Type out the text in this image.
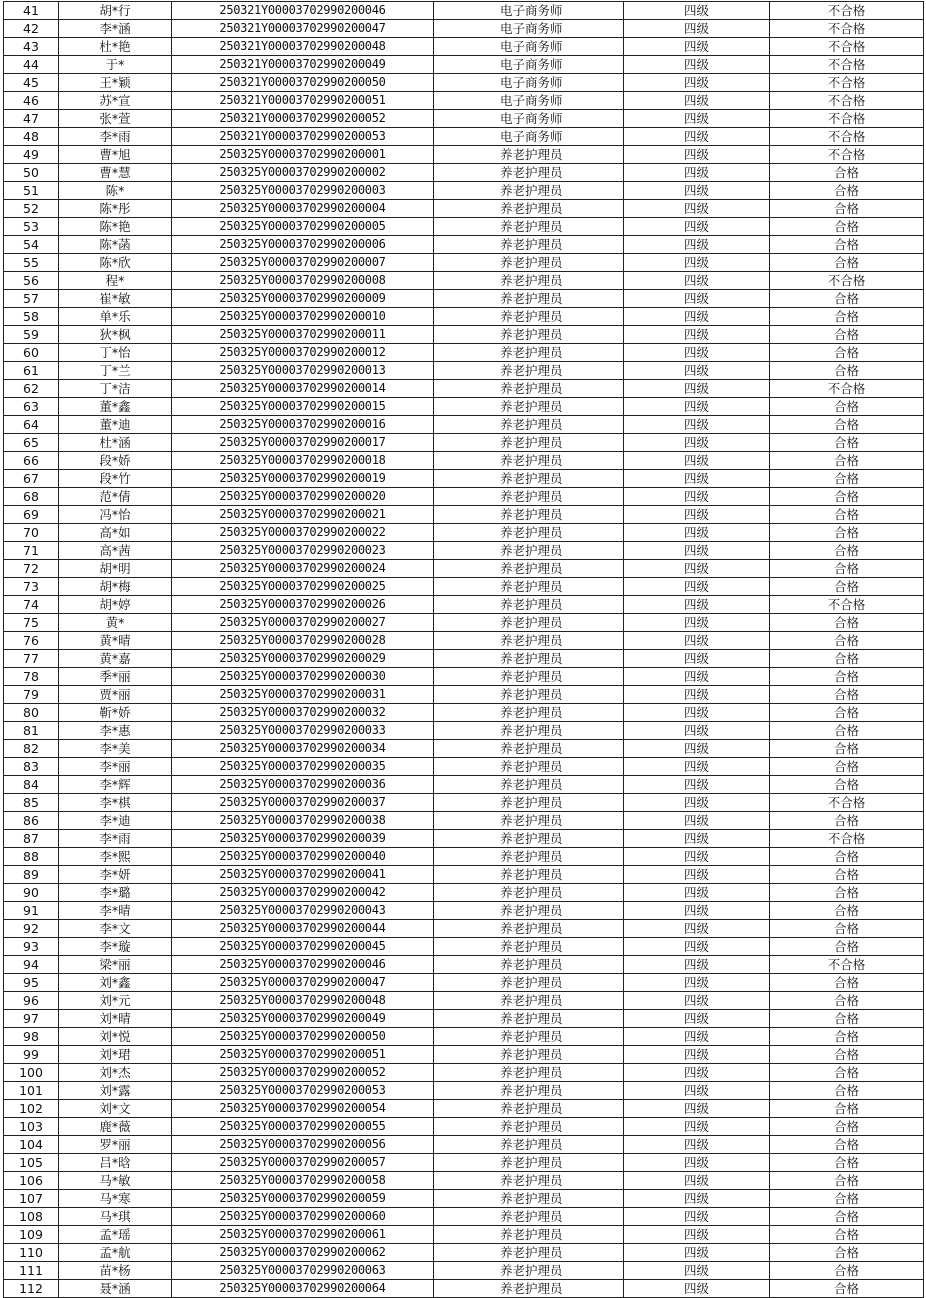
41	胡*行	250321Y00003702990200046	电子商务师	四级	不合格
42	李*涵	250321Y00003702990200047	电子商务师	四级	不合格
43	杜*艳	250321Y00003702990200048	电子商务师	四级	不合格
44	于*	250321Y00003702990200049	电子商务师	四级	不合格
45	王*颖	250321Y00003702990200050	电子商务师	四级	不合格
46	苏*宣	250321Y00003702990200051	电子商务师	四级	不合格
47	张*萱	250321Y00003702990200052	电子商务师	四级	不合格
48	李*雨	250321Y00003702990200053	电子商务师	四级	不合格
49	曹*旭	250325Y00003702990200001	养老护理员	四级	不合格
50	曹*慧	250325Y00003702990200002	养老护理员	四级	合格
51	陈*	250325Y00003702990200003	养老护理员	四级	合格
52	陈*彤	250325Y00003702990200004	养老护理员	四级	合格
53	陈*艳	250325Y00003702990200005	养老护理员	四级	合格
54	陈*菡	250325Y00003702990200006	养老护理员	四级	合格
55	陈*欣	250325Y00003702990200007	养老护理员	四级	合格
56	程*	250325Y00003702990200008	养老护理员	四级	不合格
57	崔*敏	250325Y00003702990200009	养老护理员	四级	合格
58	单*乐	250325Y00003702990200010	养老护理员	四级	合格
59	狄*枫	250325Y00003702990200011	养老护理员	四级	合格
60	丁*怡	250325Y00003702990200012	养老护理员	四级	合格
61	丁*兰	250325Y00003702990200013	养老护理员	四级	合格
62	丁*洁	250325Y00003702990200014	养老护理员	四级	不合格
63	董*鑫	250325Y00003702990200015	养老护理员	四级	合格
64	董*迪	250325Y00003702990200016	养老护理员	四级	合格
65	杜*涵	250325Y00003702990200017	养老护理员	四级	合格
66	段*娇	250325Y00003702990200018	养老护理员	四级	合格
67	段*竹	250325Y00003702990200019	养老护理员	四级	合格
68	范*倩	250325Y00003702990200020	养老护理员	四级	合格
69	冯*怡	250325Y00003702990200021	养老护理员	四级	合格
70	高*如	250325Y00003702990200022	养老护理员	四级	合格
71	高*茜	250325Y00003702990200023	养老护理员	四级	合格
72	胡*明	250325Y00003702990200024	养老护理员	四级	合格
73	胡*梅	250325Y00003702990200025	养老护理员	四级	合格
74	胡*婷	250325Y00003702990200026	养老护理员	四级	不合格
75	黄*	250325Y00003702990200027	养老护理员	四级	合格
76	黄*晴	250325Y00003702990200028	养老护理员	四级	合格
77	黄*嘉	250325Y00003702990200029	养老护理员	四级	合格
78	季*丽	250325Y00003702990200030	养老护理员	四级	合格
79	贾*丽	250325Y00003702990200031	养老护理员	四级	合格
80	靳*娇	250325Y00003702990200032	养老护理员	四级	合格
81	李*惠	250325Y00003702990200033	养老护理员	四级	合格
82	李*美	250325Y00003702990200034	养老护理员	四级	合格
83	李*丽	250325Y00003702990200035	养老护理员	四级	合格
84	李*辉	250325Y00003702990200036	养老护理员	四级	合格
85	李*棋	250325Y00003702990200037	养老护理员	四级	不合格
86	李*迪	250325Y00003702990200038	养老护理员	四级	合格
87	李*雨	250325Y00003702990200039	养老护理员	四级	不合格
88	李*熙	250325Y00003702990200040	养老护理员	四级	合格
89	李*妍	250325Y00003702990200041	养老护理员	四级	合格
90	李*璐	250325Y00003702990200042	养老护理员	四级	合格
91	李*晴	250325Y00003702990200043	养老护理员	四级	合格
92	李*文	250325Y00003702990200044	养老护理员	四级	合格
93	李*璇	250325Y00003702990200045	养老护理员	四级	合格
94	梁*丽	250325Y00003702990200046	养老护理员	四级	不合格
95	刘*鑫	250325Y00003702990200047	养老护理员	四级	合格
96	刘*元	250325Y00003702990200048	养老护理员	四级	合格
97	刘*晴	250325Y00003702990200049	养老护理员	四级	合格
98	刘*悦	250325Y00003702990200050	养老护理员	四级	合格
99	刘*珺	250325Y00003702990200051	养老护理员	四级	合格
100	刘*杰	250325Y00003702990200052	养老护理员	四级	合格
101	刘*露	250325Y00003702990200053	养老护理员	四级	合格
102	刘*文	250325Y00003702990200054	养老护理员	四级	合格
103	鹿*薇	250325Y00003702990200055	养老护理员	四级	合格
104	罗*丽	250325Y00003702990200056	养老护理员	四级	合格
105	吕*晗	250325Y00003702990200057	养老护理员	四级	合格
106	马*敏	250325Y00003702990200058	养老护理员	四级	合格
107	马*寒	250325Y00003702990200059	养老护理员	四级	合格
108	马*琪	250325Y00003702990200060	养老护理员	四级	合格
109	孟*瑶	250325Y00003702990200061	养老护理员	四级	合格
110	孟*航	250325Y00003702990200062	养老护理员	四级	合格
111	苗*杨	250325Y00003702990200063	养老护理员	四级	合格
112	聂*涵	250325Y00003702990200064	养老护理员	四级	合格
